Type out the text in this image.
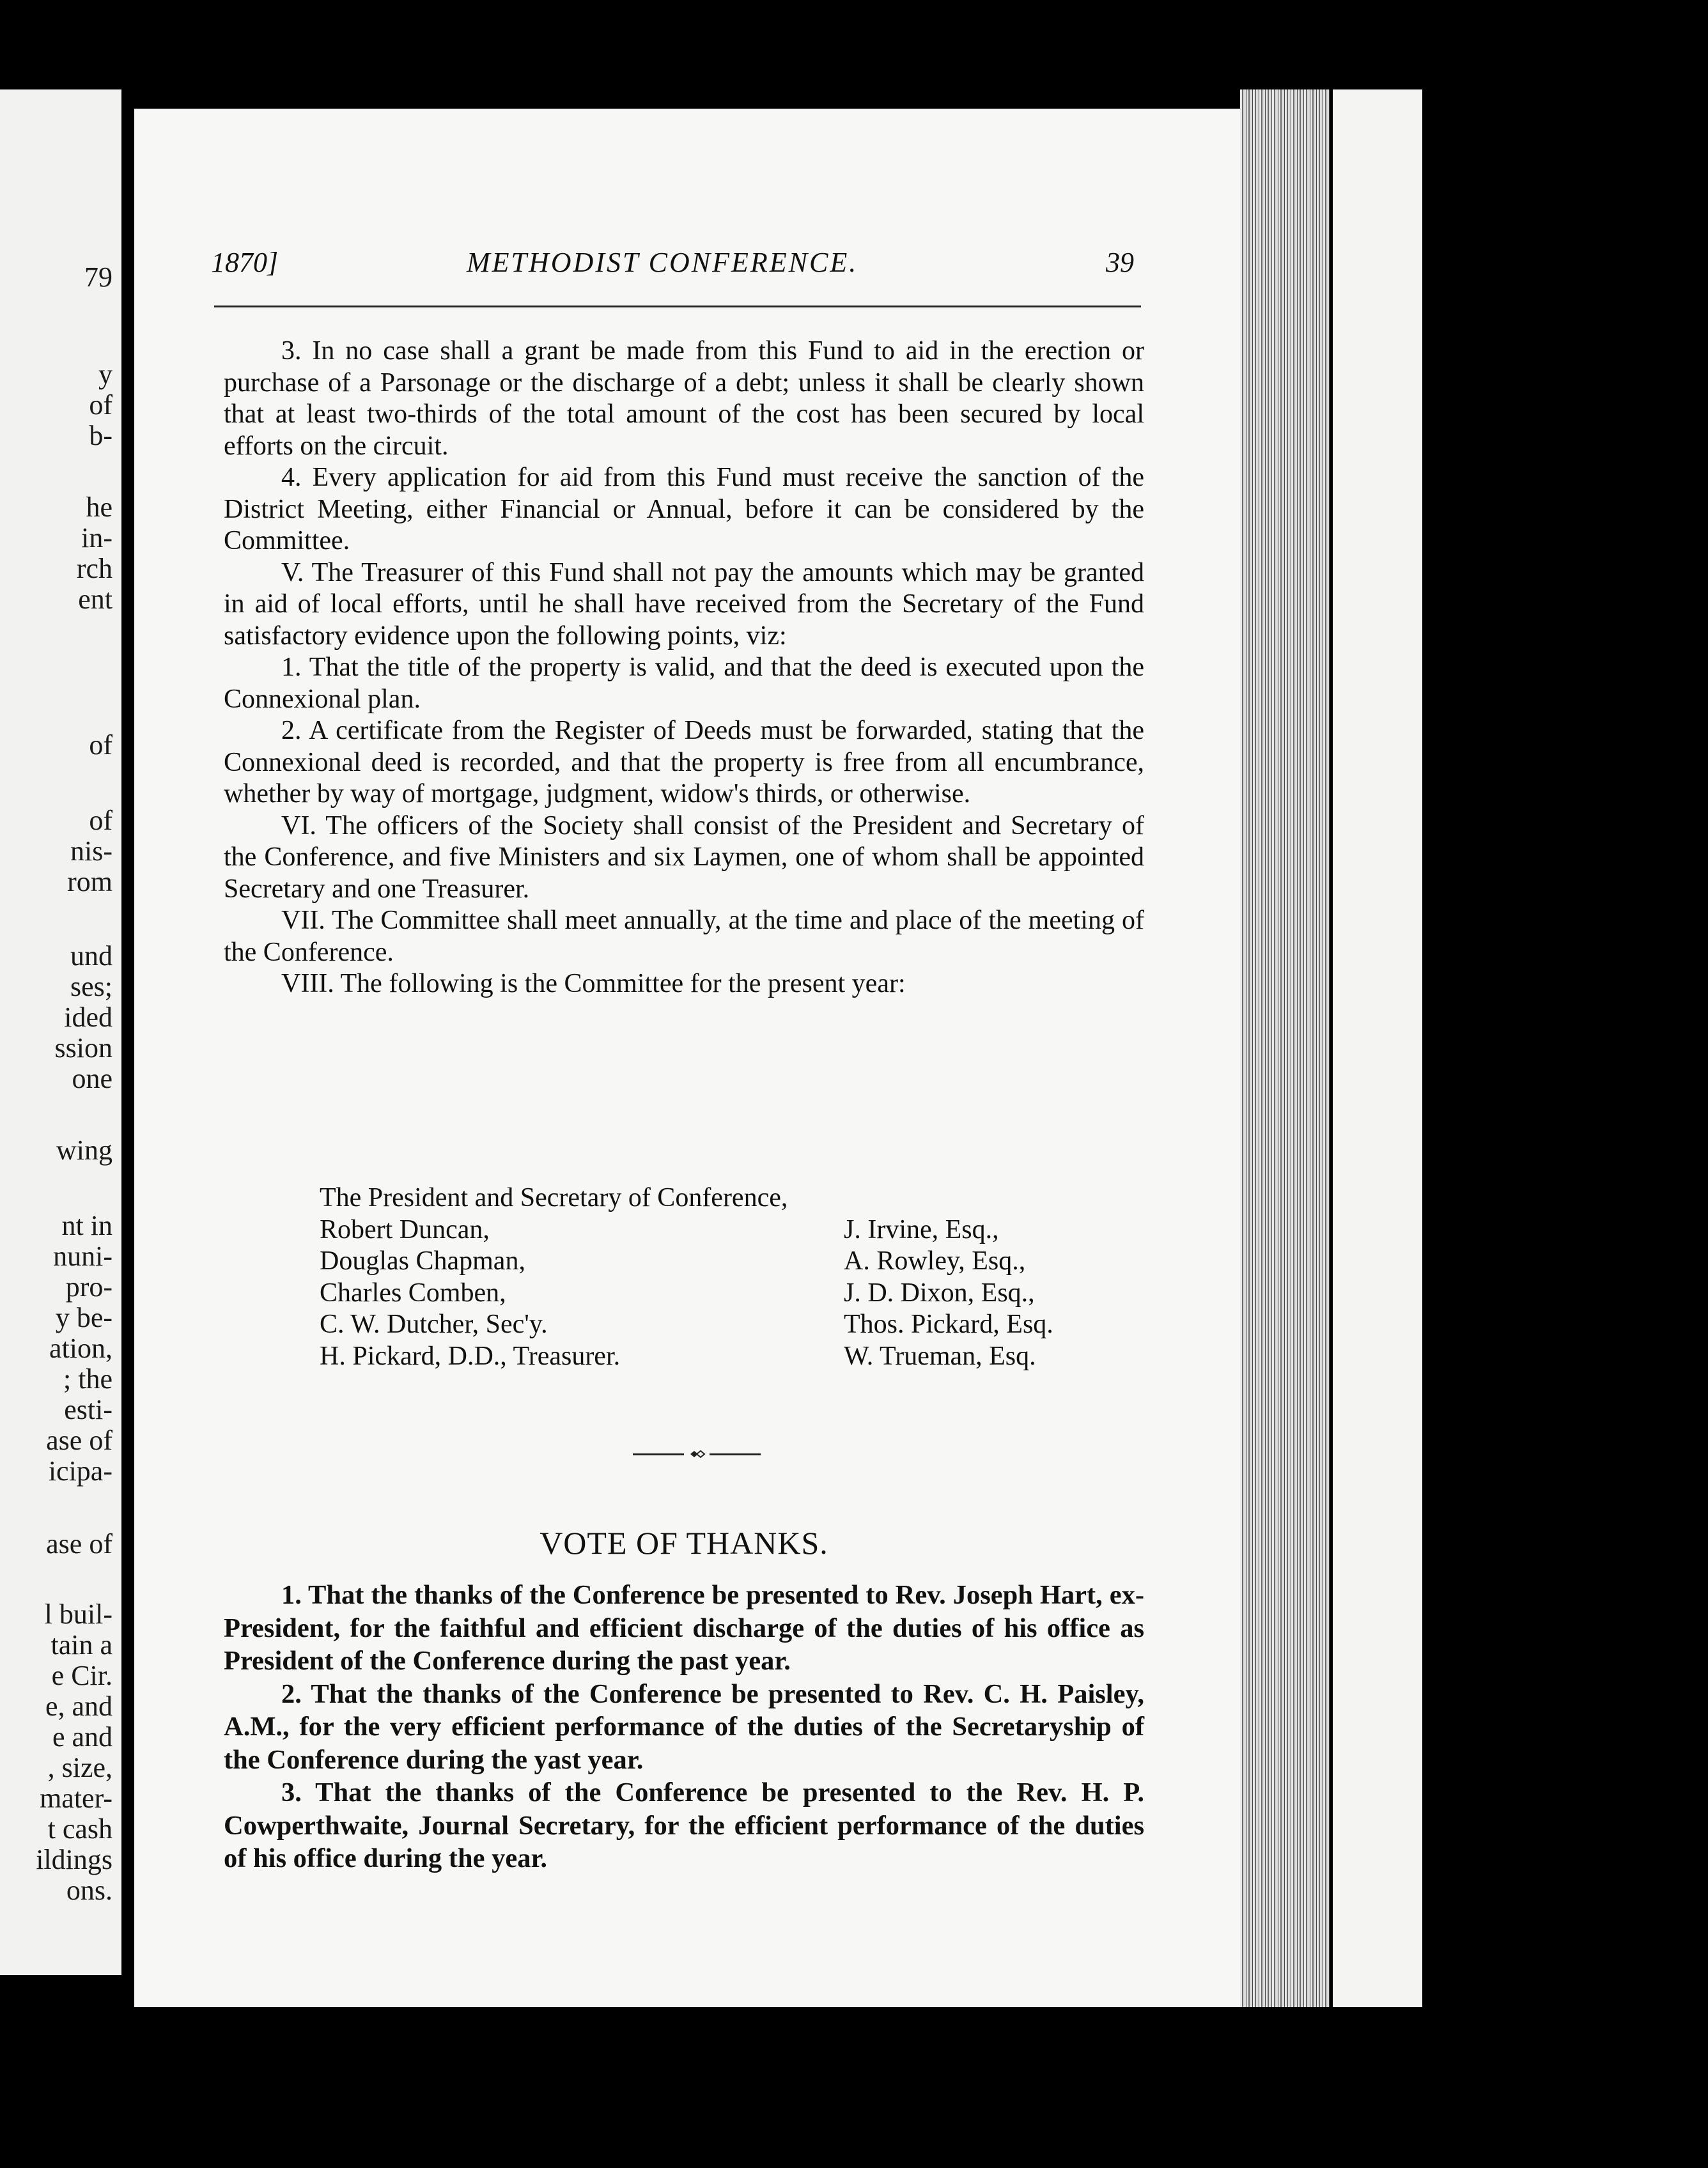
79
y
of
b-
he
in-
rch
ent
of
of
nis-
rom
und
ses;
ided
ssion
one
wing
nt in
nuni-
pro-
y be-
ation,
; the
esti-
ase of
icipa-
ase of
l buil-
tain a
e Cir.
e, and
e and
, size,
mater-
t cash
ildings
ons.
1870]	METHODIST CONFERENCE.	39

3. In no case shall a grant be made from this Fund to aid in the erection or purchase of a Parsonage or the discharge of a debt; unless it shall be clearly shown that at least two-thirds of the total amount of the cost has been secured by local efforts on the circuit.

4. Every application for aid from this Fund must receive the sanction of the District Meeting, either Financial or Annual, before it can be considered by the Committee.

V. The Treasurer of this Fund shall not pay the amounts which may be granted in aid of local efforts, until he shall have received from the Secretary of the Fund satisfactory evidence upon the following points, viz:

1. That the title of the property is valid, and that the deed is executed upon the Connexional plan.

2. A certificate from the Register of Deeds must be forwarded, stating that the Connexional deed is recorded, and that the property is free from all encumbrance, whether by way of mortgage, judgment, widow's thirds, or otherwise.

VI. The officers of the Society shall consist of the President and Secretary of the Conference, and five Ministers and six Laymen, one of whom shall be appointed Secretary and one Treasurer.

VII. The Committee shall meet annually, at the time and place of the meeting of the Conference.

VIII. The following is the Committee for the present year:

The President and Secretary of Conference,
Robert Duncan,	J. Irvine, Esq.,
Douglas Chapman,	A. Rowley, Esq.,
Charles Comben,	J. D. Dixon, Esq.,
C. W. Dutcher, Sec'y.	Thos. Pickard, Esq.
H. Pickard, D.D., Treasurer.	W. Trueman, Esq.
VOTE OF THANKS.

1. That the thanks of the Conference be presented to Rev. Joseph Hart, ex-President, for the faithful and efficient discharge of the duties of his office as President of the Conference during the past year.

2. That the thanks of the Conference be presented to Rev. C. H. Paisley, A.M., for the very efficient performance of the duties of the Secretaryship of the Conference during the yast year.

3. That the thanks of the Conference be presented to the Rev. H. P. Cowperthwaite, Journal Secretary, for the efficient performance of the duties of his office during the year.
